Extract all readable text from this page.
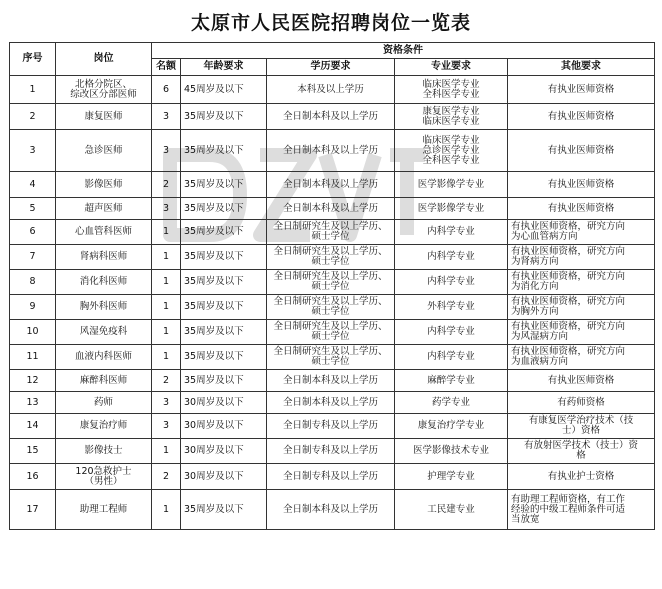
太原市人民医院招聘岗位一览表
序号	岗位	资格条件				
		名额	年龄要求	学历要求	专业要求	其他要求
1	北格分院区、
综改区分部医师	6	45周岁及以下	本科及以上学历	临床医学专业
全科医学专业	有执业医师资格
2	康复医师	3	35周岁及以下	全日制本科及以上学历	康复医学专业
临床医学专业	有执业医师资格
3	急诊医师	3	35周岁及以下	全日制本科及以上学历	临床医学专业
急诊医学专业
全科医学专业	有执业医师资格
4	影像医师	2	35周岁及以下	全日制本科及以上学历	医学影像学专业	有执业医师资格
5	超声医师	3	35周岁及以下	全日制本科及以上学历	医学影像学专业	有执业医师资格
6	心血管科医师	1	35周岁及以下	全日制研究生及以上学历、
硕士学位	内科学专业	有执业医师资格，研究方向
为心血管病方向
7	肾病科医师	1	35周岁及以下	全日制研究生及以上学历、
硕士学位	内科学专业	有执业医师资格，研究方向
为肾病方向
8	消化科医师	1	35周岁及以下	全日制研究生及以上学历、
硕士学位	内科学专业	有执业医师资格，研究方向
为消化方向
9	胸外科医师	1	35周岁及以下	全日制研究生及以上学历、
硕士学位	外科学专业	有执业医师资格，研究方向
为胸外方向
10	风湿免疫科	1	35周岁及以下	全日制研究生及以上学历、
硕士学位	内科学专业	有执业医师资格，研究方向
为风湿病方向
11	血液内科医师	1	35周岁及以下	全日制研究生及以上学历、
硕士学位	内科学专业	有执业医师资格，研究方向
为血液病方向
12	麻醉科医师	2	35周岁及以下	全日制本科及以上学历	麻醉学专业	有执业医师资格
13	药师	3	30周岁及以下	全日制本科及以上学历	药学专业	有药师资格
14	康复治疗师	3	30周岁及以下	全日制专科及以上学历	康复治疗学专业	有康复医学治疗技术（技
士）资格
15	影像技士	1	30周岁及以下	全日制专科及以上学历	医学影像技术专业	有放射医学技术（技士）资
格
16	120急救护士
（男性）	2	30周岁及以下	全日制专科及以上学历	护理学专业	有执业护士资格
17	助理工程师	1	35周岁及以下	全日制本科及以上学历	工民建专业	有助理工程师资格，有工作
经验的中级工程师条件可适
当放宽
